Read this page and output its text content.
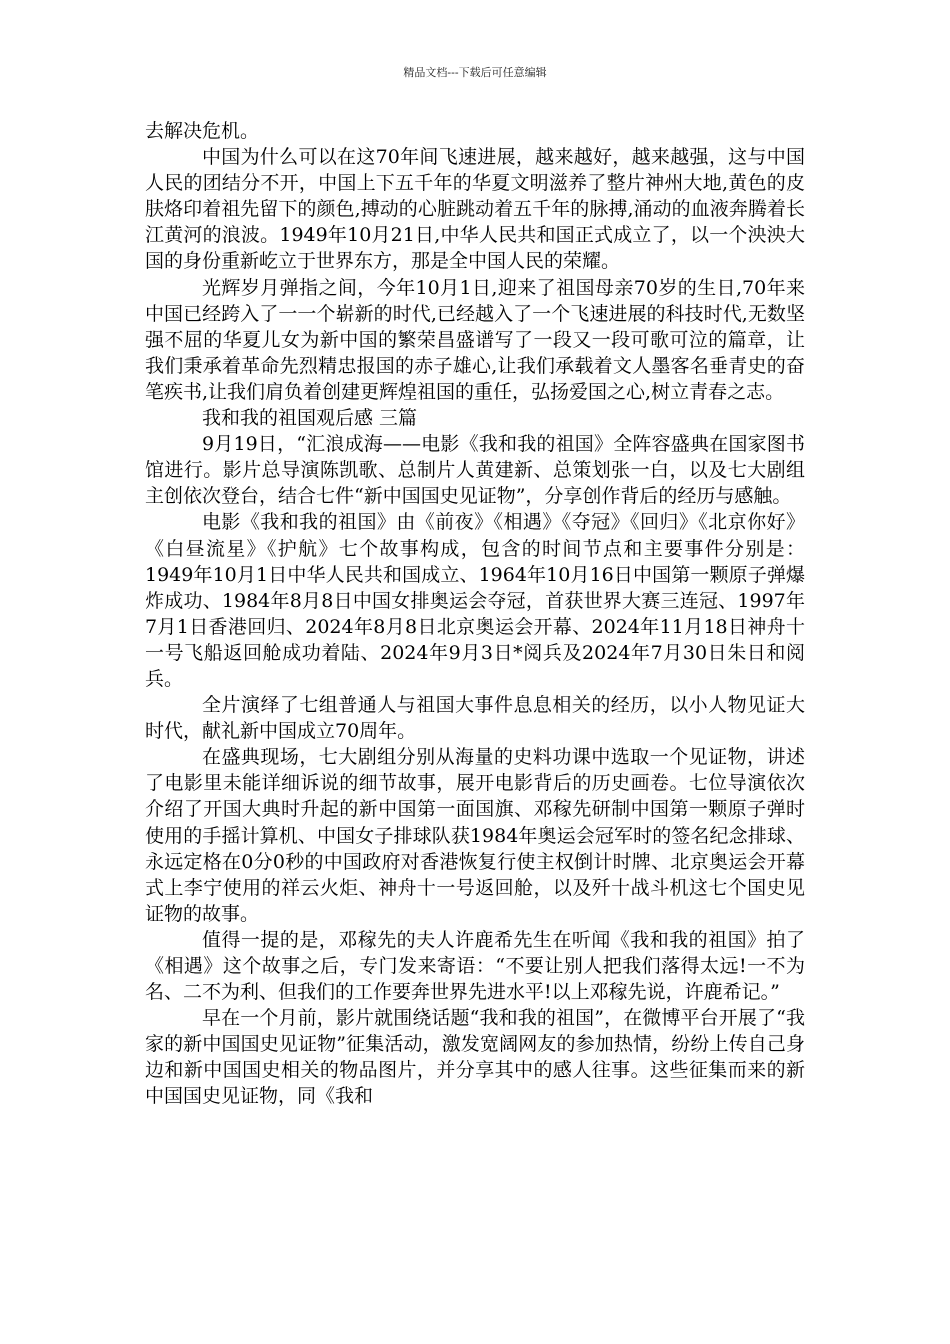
精品文档---下载后可任意编辑

去解决危机。

中国为什么可以在这70年间飞速进展，越来越好，越来越强，这与中国人民的团结分不开，中国上下五千年的华夏文明滋养了整片神州大地,黄色的皮肤烙印着祖先留下的颜色,搏动的心脏跳动着五千年的脉搏,涌动的血液奔腾着长江黄河的浪波。1949年10月21日,中华人民共和国正式成立了，以一个泱泱大国的身份重新屹立于世界东方，那是全中国人民的荣耀。

光辉岁月弹指之间，今年10月1日,迎来了祖国母亲70岁的生日,70年来中国已经跨入了一一个崭新的时代,已经越入了一个飞速进展的科技时代,无数坚强不屈的华夏儿女为新中国的繁荣昌盛谱写了一段又一段可歌可泣的篇章，让我们秉承着革命先烈精忠报国的赤子雄心,让我们承载着文人墨客名垂青史的奋笔疾书,让我们肩负着创建更辉煌祖国的重任，弘扬爱国之心,树立青春之志。

我和我的祖国观后感 三篇

9月19日，“汇浪成海——电影《我和我的祖国》全阵容盛典在国家图书馆进行。影片总导演陈凯歌、总制片人黄建新、总策划张一白，以及七大剧组主创依次登台，结合七件“新中国国史见证物”，分享创作背后的经历与感触。

电影《我和我的祖国》由《前夜》《相遇》《夺冠》《回归》《北京你好》《白昼流星》《护航》七个故事构成，包含的时间节点和主要事件分别是：1949年10月1日中华人民共和国成立、1964年10月16日中国第一颗原子弹爆炸成功、1984年8月8日中国女排奥运会夺冠，首获世界大赛三连冠、1997年7月1日香港回归、2024年8月8日北京奥运会开幕、2024年11月18日神舟十一号飞船返回舱成功着陆、2024年9月3日*阅兵及2024年7月30日朱日和阅兵。

全片演绎了七组普通人与祖国大事件息息相关的经历，以小人物见证大时代，献礼新中国成立70周年。

在盛典现场，七大剧组分别从海量的史料功课中选取一个见证物，讲述了电影里未能详细诉说的细节故事，展开电影背后的历史画卷。七位导演依次介绍了开国大典时升起的新中国第一面国旗、邓稼先研制中国第一颗原子弹时使用的手摇计算机、中国女子排球队获1984年奥运会冠军时的签名纪念排球、永远定格在0分0秒的中国政府对香港恢复行使主权倒计时牌、北京奥运会开幕式上李宁使用的祥云火炬、神舟十一号返回舱，以及歼十战斗机这七个国史见证物的故事。

值得一提的是，邓稼先的夫人许鹿希先生在听闻《我和我的祖国》拍了《相遇》这个故事之后，专门发来寄语：“不要让别人把我们落得太远!一不为名、二不为利、但我们的工作要奔世界先进水平!以上邓稼先说，许鹿希记。”

早在一个月前，影片就围绕话题“我和我的祖国”，在微博平台开展了“我家的新中国国史见证物”征集活动，激发宽阔网友的参加热情，纷纷上传自己身边和新中国国史相关的物品图片，并分享其中的感人往事。这些征集而来的新中国国史见证物，同《我和
